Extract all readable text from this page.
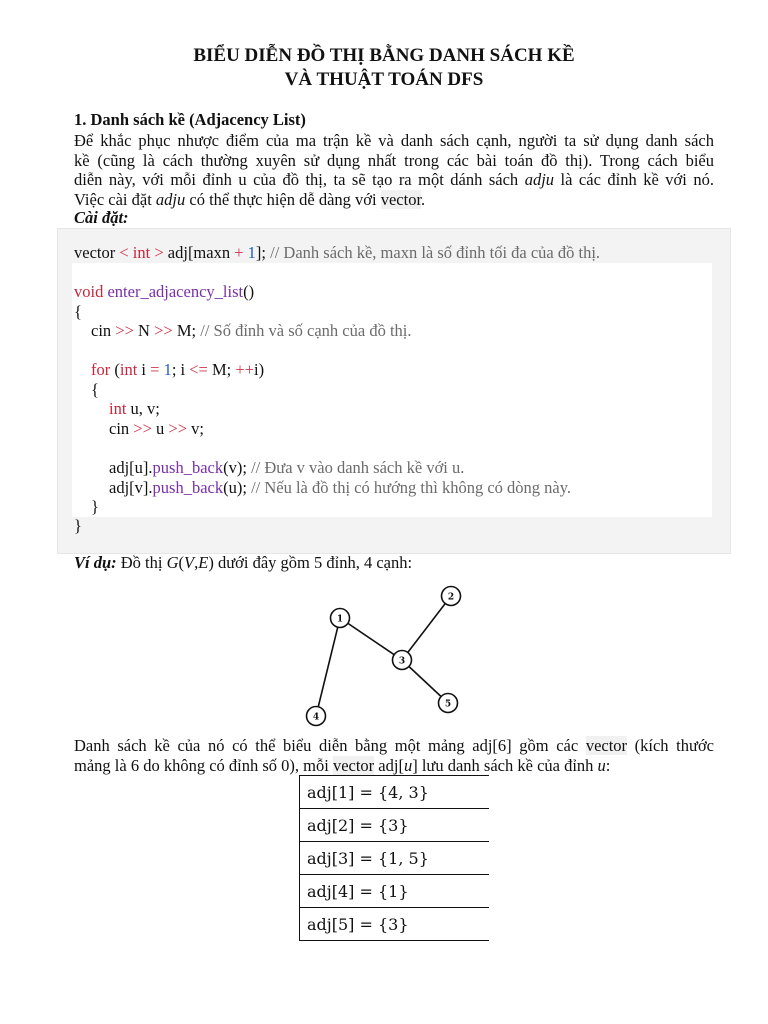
BIỂU DIỄN ĐỒ THỊ BẰNG DANH SÁCH KỀ
VÀ THUẬT TOÁN DFS
1. Danh sách kề (Adjacency List)
Để khắc phục nhược điểm của ma trận kề và danh sách cạnh, người ta sử dụng danh sách
kề (cũng là cách thường xuyên sử dụng nhất trong các bài toán đồ thị). Trong cách biểu
diễn này, với mỗi đỉnh u của đồ thị, ta sẽ tạo ra một dánh sách adju là các đỉnh kề với nó.
Việc cài đặt adju có thể thực hiện dễ dàng với vector.
Cài đặt:
vector < int > adj[maxn + 1]; // Danh sách kề, maxn là số đỉnh tối đa của đồ thị.
void enter_adjacency_list()
{
cin >> N >> M; // Số đỉnh và số cạnh của đồ thị.
for (int i = 1; i <= M; ++i)
{
int u, v;
cin >> u >> v;
adj[u].push_back(v); // Đưa v vào danh sách kề với u.
adj[v].push_back(u); // Nếu là đồ thị có hướng thì không có dòng này.
}
}
Ví dụ: Đồ thị G(V,E) dưới đây gồm 5 đỉnh, 4 cạnh:
1
2
3
4
5
Danh sách kề của nó có thể biểu diễn bằng một mảng adj[6] gồm các vector (kích thước
mảng là 6 do không có đỉnh số 0), mỗi vector adj[u] lưu danh sách kề của đỉnh u:
adj[1] = {4, 3}
adj[2] = {3}
adj[3] = {1, 5}
adj[4] = {1}
adj[5] = {3}
